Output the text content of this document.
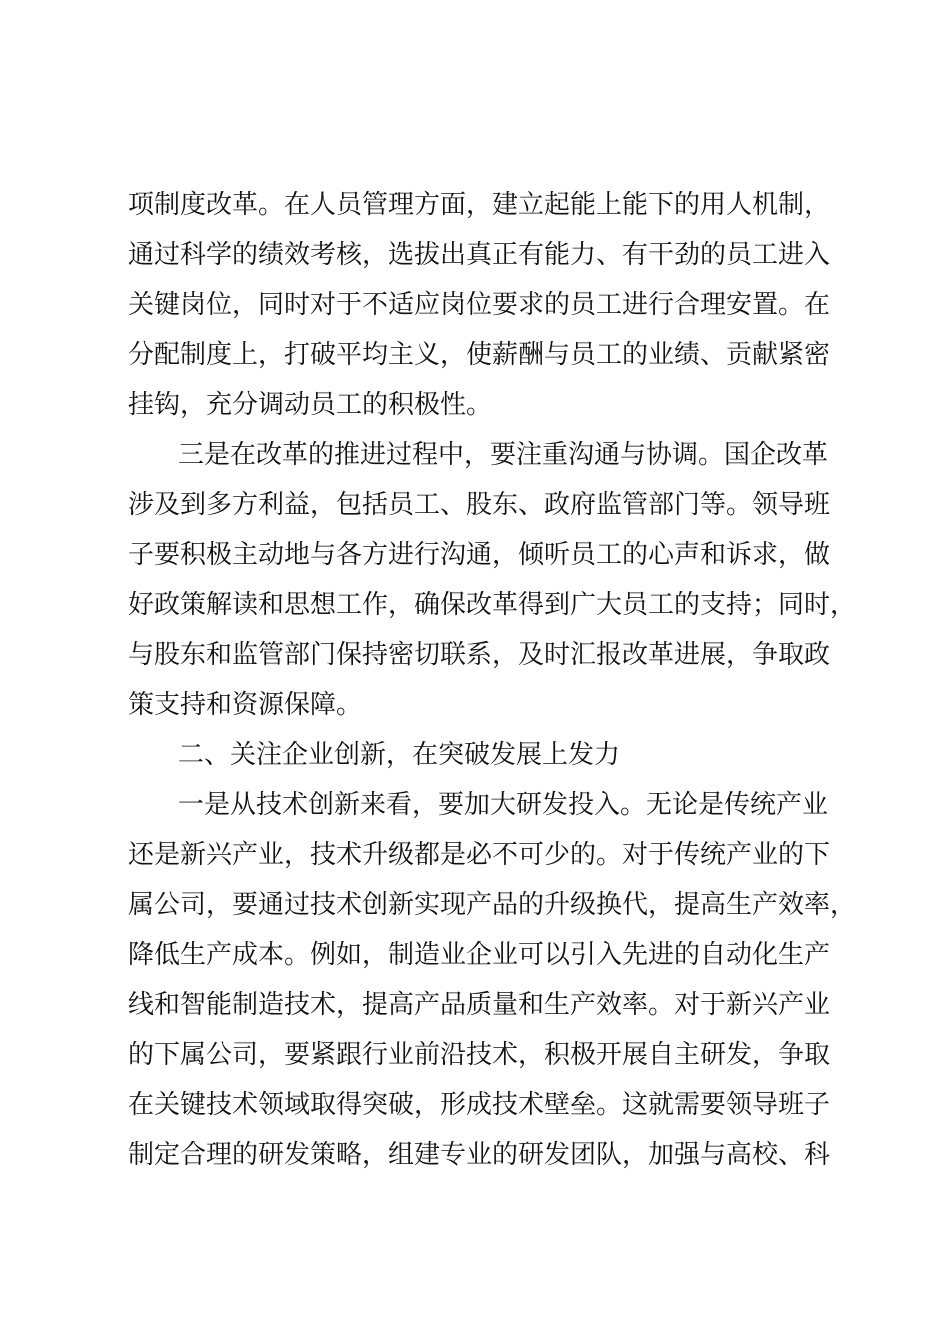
项制度改革。在人员管理方面，建立起能上能下的用人机制，
通过科学的绩效考核，选拔出真正有能力、有干劲的员工进入
关键岗位，同时对于不适应岗位要求的员工进行合理安置。在
分配制度上，打破平均主义，使薪酬与员工的业绩、贡献紧密
挂钩，充分调动员工的积极性。
三是在改革的推进过程中，要注重沟通与协调。国企改革
涉及到多方利益，包括员工、股东、政府监管部门等。领导班
子要积极主动地与各方进行沟通，倾听员工的心声和诉求，做
好政策解读和思想工作，确保改革得到广大员工的支持；同时，
与股东和监管部门保持密切联系，及时汇报改革进展，争取政
策支持和资源保障。
二、关注企业创新，在突破发展上发力
一是从技术创新来看，要加大研发投入。无论是传统产业
还是新兴产业，技术升级都是必不可少的。对于传统产业的下
属公司，要通过技术创新实现产品的升级换代，提高生产效率，
降低生产成本。例如，制造业企业可以引入先进的自动化生产
线和智能制造技术，提高产品质量和生产效率。对于新兴产业
的下属公司，要紧跟行业前沿技术，积极开展自主研发，争取
在关键技术领域取得突破，形成技术壁垒。这就需要领导班子
制定合理的研发策略，组建专业的研发团队，加强与高校、科
